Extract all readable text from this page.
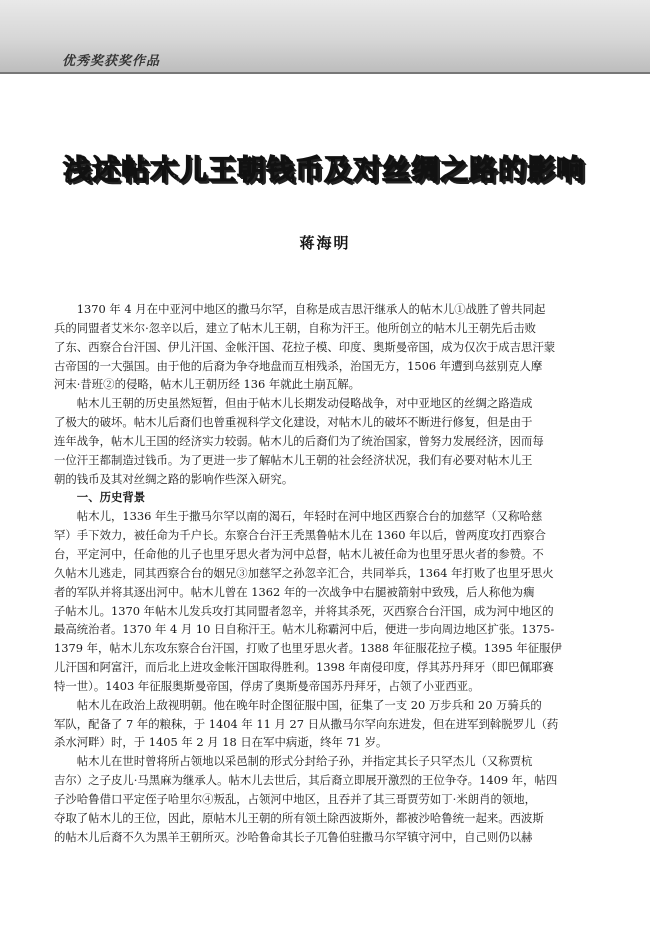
优秀奖获奖作品
浅述帖木儿王朝钱币及对丝绸之路的影响
蒋海明

1370 年 4 月在中亚河中地区的撒马尔罕，自称是成吉思汗继承人的帖木儿①战胜了曾共同起

兵的同盟者艾米尔·忽辛以后，建立了帖木儿王朝，自称为汗王。他所创立的帖木儿王朝先后击败

了东、西察合台汗国、伊儿汗国、金帐汗国、花拉子模、印度、奥斯曼帝国，成为仅次于成吉思汗蒙

古帝国的一大强国。由于他的后裔为争夺地盘而互相残杀，治国无方，1506 年遭到乌兹别克人摩

河末·昔班②的侵略，帖木儿王朝历经 136 年就此土崩瓦解。

帖木儿王朝的历史虽然短暂，但由于帖木儿长期发动侵略战争，对中亚地区的丝绸之路造成

了极大的破坏。帖木儿后裔们也曾重视科学文化建设，对帖木儿的破坏不断进行修复，但是由于

连年战争，帖木儿王国的经济实力较弱。帖木儿的后裔们为了统治国家，曾努力发展经济，因而每

一位汗王都制造过钱币。为了更进一步了解帖木儿王朝的社会经济状况，我们有必要对帖木儿王

朝的钱币及其对丝绸之路的影响作些深入研究。

一、历史背景

帖木儿，1336 年生于撒马尔罕以南的渴石，年轻时在河中地区西察合台的加慈罕（又称哈慈

罕）手下效力，被任命为千户长。东察合台汗王秃黑鲁帖木儿在 1360 年以后，曾两度攻打西察合

台，平定河中，任命他的儿子也里牙思火者为河中总督，帖木儿被任命为也里牙思火者的参赞。不

久帖木儿逃走，同其西察合台的姻兄③加慈罕之孙忽辛汇合，共同举兵，1364 年打败了也里牙思火

者的军队并将其逐出河中。帖木儿曾在 1362 年的一次战争中右腿被箭射中致残，后人称他为瘸

子帖木儿。1370 年帖木儿发兵攻打其同盟者忽辛，并将其杀死，灭西察合台汗国，成为河中地区的

最高统治者。1370 年 4 月 10 日自称汗王。帖木儿称霸河中后，便进一步向周边地区扩张。1375-

1379 年，帖木儿东攻东察合台汗国，打败了也里牙思火者。1388 年征服花拉子模。1395 年征服伊

儿汗国和阿富汗，而后北上进攻金帐汗国取得胜利。1398 年南侵印度，俘其苏丹拜牙（即巴佩耶赛

特一世）。1403 年征服奥斯曼帝国，俘虏了奥斯曼帝国苏丹拜牙，占领了小亚西亚。

帖木儿在政治上敌视明朝。他在晚年时企图征服中国，征集了一支 20 万步兵和 20 万骑兵的

军队，配备了 7 年的粮秣，于 1404 年 11 月 27 日从撒马尔罕向东进发，但在进军到斡脱罗儿（药

杀水河畔）时，于 1405 年 2 月 18 日在军中病逝，终年 71 岁。

帖木儿在世时曾将所占领地以采邑制的形式分封给子孙，并指定其长子只罕杰儿（又称贾杭

吉尔）之子皮儿·马黑麻为继承人。帖木儿去世后，其后裔立即展开激烈的王位争夺。1409 年，帖四

子沙哈鲁借口平定侄子哈里尔④叛乱，占领河中地区，且吞并了其三哥贾劳如丁·米朗肖的领地，

夺取了帖木儿的王位，因此，原帖木儿王朝的所有领土除西波斯外，都被沙哈鲁统一起来。西波斯

的帖木儿后裔不久为黑羊王朝所灭。沙哈鲁命其长子兀鲁伯驻撒马尔罕镇守河中，自己则仍以赫
